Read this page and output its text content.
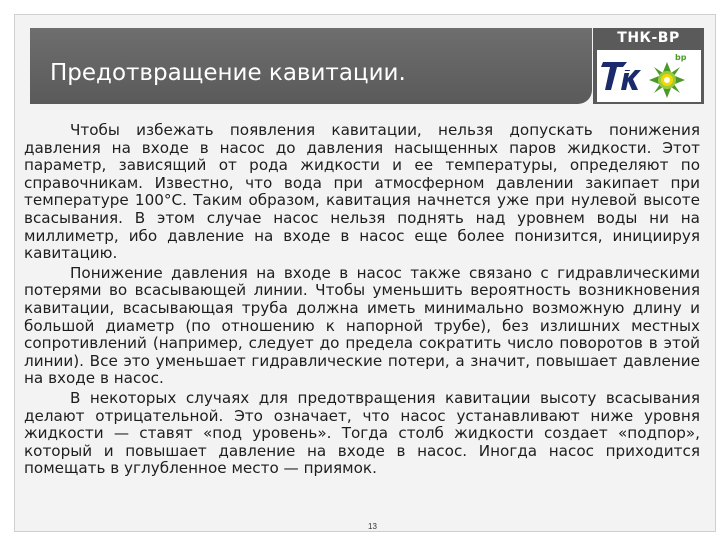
Предотвращение кавитации.
ТНК-ВР
bp

Чтобы избежать появления кавитации, нельзя допускать понижения давления на входе в насос до давления насыщенных паров жидкости. Этот параметр, зависящий от рода жидкости и ее температуры, определяют по справочникам. Известно, что вода при атмосферном давлении закипает при температуре 100°С. Таким образом, кавитация начнется уже при нулевой высоте всасывания. В этом случае насос нельзя поднять над уровнем воды ни на миллиметр, ибо давление на входе в насос еще более понизится, инициируя кавитацию.

Понижение давления на входе в насос также связано с гидравлическими потерями во всасывающей линии. Чтобы уменьшить вероятность возникновения кавитации, всасывающая труба должна иметь минимально возможную длину и большой диаметр (по отношению к напорной трубе), без излишних местных сопротивлений (например, следует до предела сократить число поворотов в этой линии). Все это уменьшает гидравлические потери, а значит, повышает давление на входе в насос.

В некоторых случаях для предотвращения кавитации высоту всасывания делают отрицательной. Это означает, что насос устанавливают ниже уровня жидкости — ставят «под уровень». Тогда столб жидкости создает «подпор», который и повышает давление на входе в насос. Иногда насос приходится помещать в углубленное место — приямок.

13
